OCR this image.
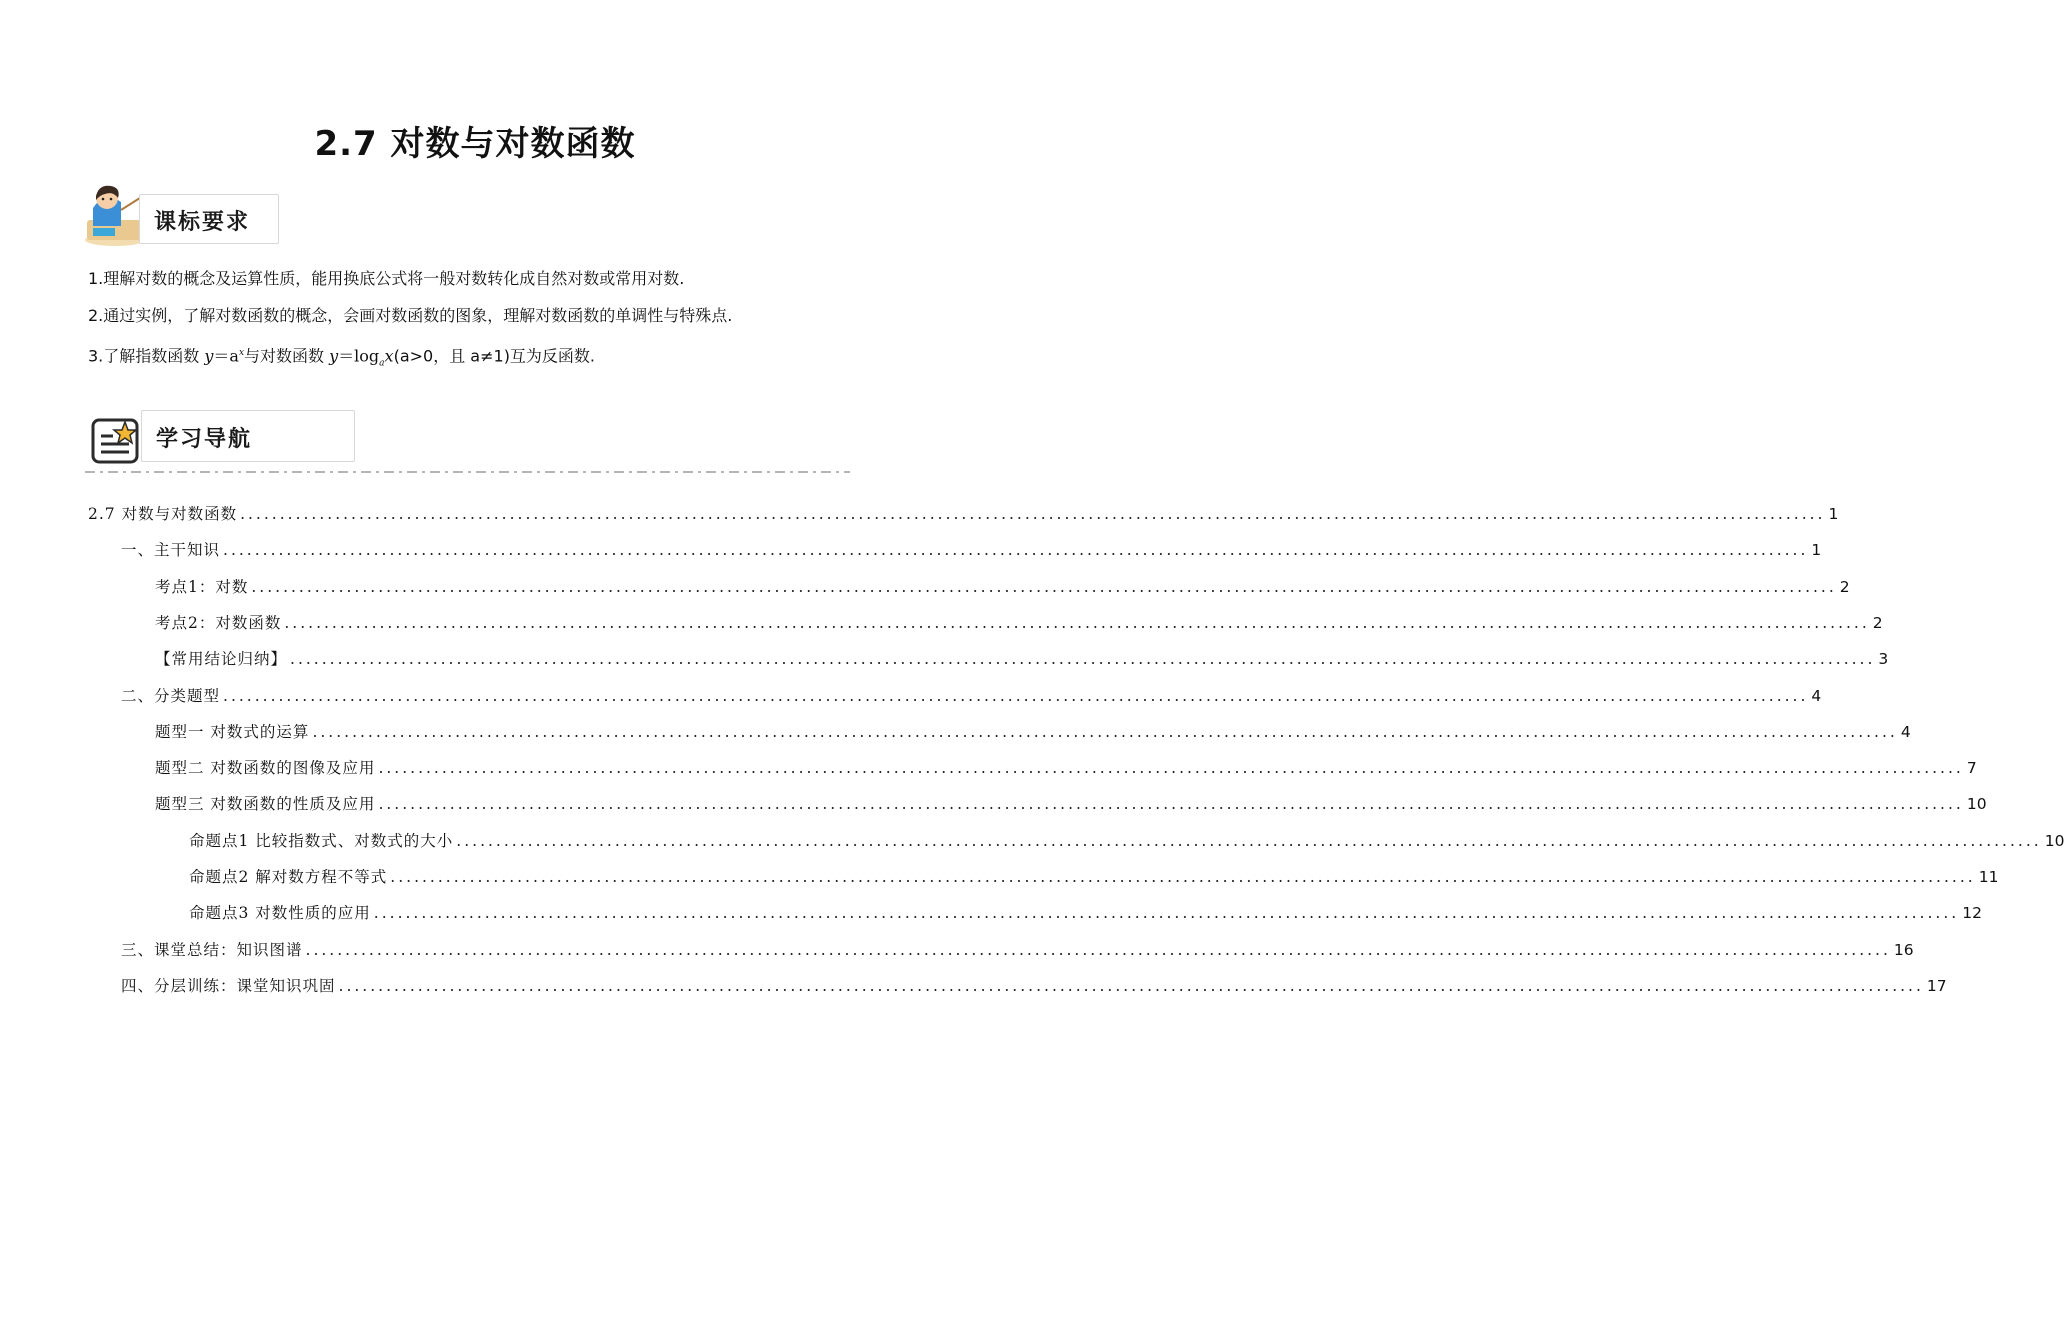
2.7 对数与对数函数
课标要求
1.理解对数的概念及运算性质，能用换底公式将一般对数转化成自然对数或常用对数.
2.通过实例，了解对数函数的概念，会画对数函数的图象，理解对数函数的单调性与特殊点.
3.了解指数函数 $y=a^x$与对数函数 $y=\log_ax(a>0$，且 a≠1)互为反函数.
学习导航
2.7 对数与对数函数 ........................................................................................................................................................................................................ 1
一、主干知识 ........................................................................................................................................................................................................ 1
考点1：对数 ........................................................................................................................................................................................................ 2
考点2：对数函数 ........................................................................................................................................................................................................ 2
【常用结论归纳】 ........................................................................................................................................................................................................ 3
二、分类题型 ........................................................................................................................................................................................................ 4
题型一 对数式的运算 ........................................................................................................................................................................................................ 4
题型二 对数函数的图像及应用 ........................................................................................................................................................................................................ 7
题型三 对数函数的性质及应用 ........................................................................................................................................................................................................ 10
命题点1 比较指数式、对数式的大小 ........................................................................................................................................................................................................ 10
命题点2 解对数方程不等式 ........................................................................................................................................................................................................ 11
命题点3 对数性质的应用 ........................................................................................................................................................................................................ 12
三、课堂总结：知识图谱 ........................................................................................................................................................................................................ 16
四、分层训练：课堂知识巩固 ........................................................................................................................................................................................................ 17
